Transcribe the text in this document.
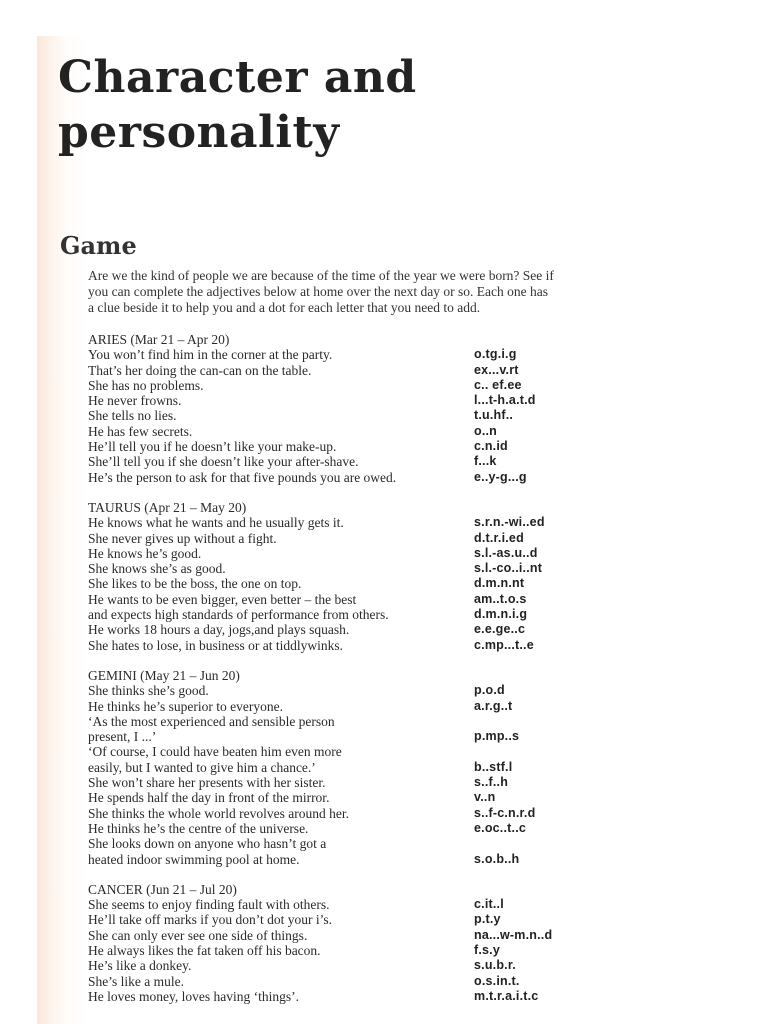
Character and
personality
Game
Are we the kind of people we are because of the time of the year we were born? See if
you can complete the adjectives below at home over the next day or so. Each one has
a clue beside it to help you and a dot for each letter that you need to add.
ARIES (Mar 21 – Apr 20)
You won’t find him in the corner at the party.	o.tg.i.g
That’s her doing the can-can on the table.	ex...v.rt
She has no problems.	c.. ef.ee
He never frowns.	l...t-h.a.t.d
She tells no lies.	t.u.hf..
He has few secrets.	o..n
He’ll tell you if he doesn’t like your make-up.	c.n.id
She’ll tell you if she doesn’t like your after-shave.	f...k
He’s the person to ask for that five pounds you are owed.	e..y-g...g
TAURUS (Apr 21 – May 20)
He knows what he wants and he usually gets it.	s.r.n.-wi..ed
She never gives up without a fight.	d.t.r.i.ed
He knows he’s good.	s.l.-as.u..d
She knows she’s as good.	s.l.-co..i..nt
She likes to be the boss, the one on top.	d.m.n.nt
He wants to be even bigger, even better – the best	am..t.o.s
and expects high standards of performance from others.	d.m.n.i.g
He works 18 hours a day, jogs,and plays squash.	e.e.ge..c
She hates to lose, in business or at tiddlywinks.	c.mp...t..e
GEMINI (May 21 – Jun 20)
She thinks she’s good.	p.o.d
He thinks he’s superior to everyone.	a.r.g..t
‘As the most experienced and sensible person
present, I ...’	p.mp..s
‘Of course, I could have beaten him even more
easily, but I wanted to give him a chance.’	b..stf.l
She won’t share her presents with her sister.	s..f..h
He spends half the day in front of the mirror.	v..n
She thinks the whole world revolves around her.	s..f-c.n.r.d
He thinks he’s the centre of the universe.	e.oc..t..c
She looks down on anyone who hasn’t got a
heated indoor swimming pool at home.	s.o.b..h
CANCER (Jun 21 – Jul 20)
She seems to enjoy finding fault with others.	c.it..l
He’ll take off marks if you don’t dot your i’s.	p.t.y
She can only ever see one side of things.	na...w-m.n..d
He always likes the fat taken off his bacon.	f.s.y
He’s like a donkey.	s.u.b.r.
She’s like a mule.	o.s.in.t.
He loves money, loves having ‘things’.	m.t.r.a.i.t.c
